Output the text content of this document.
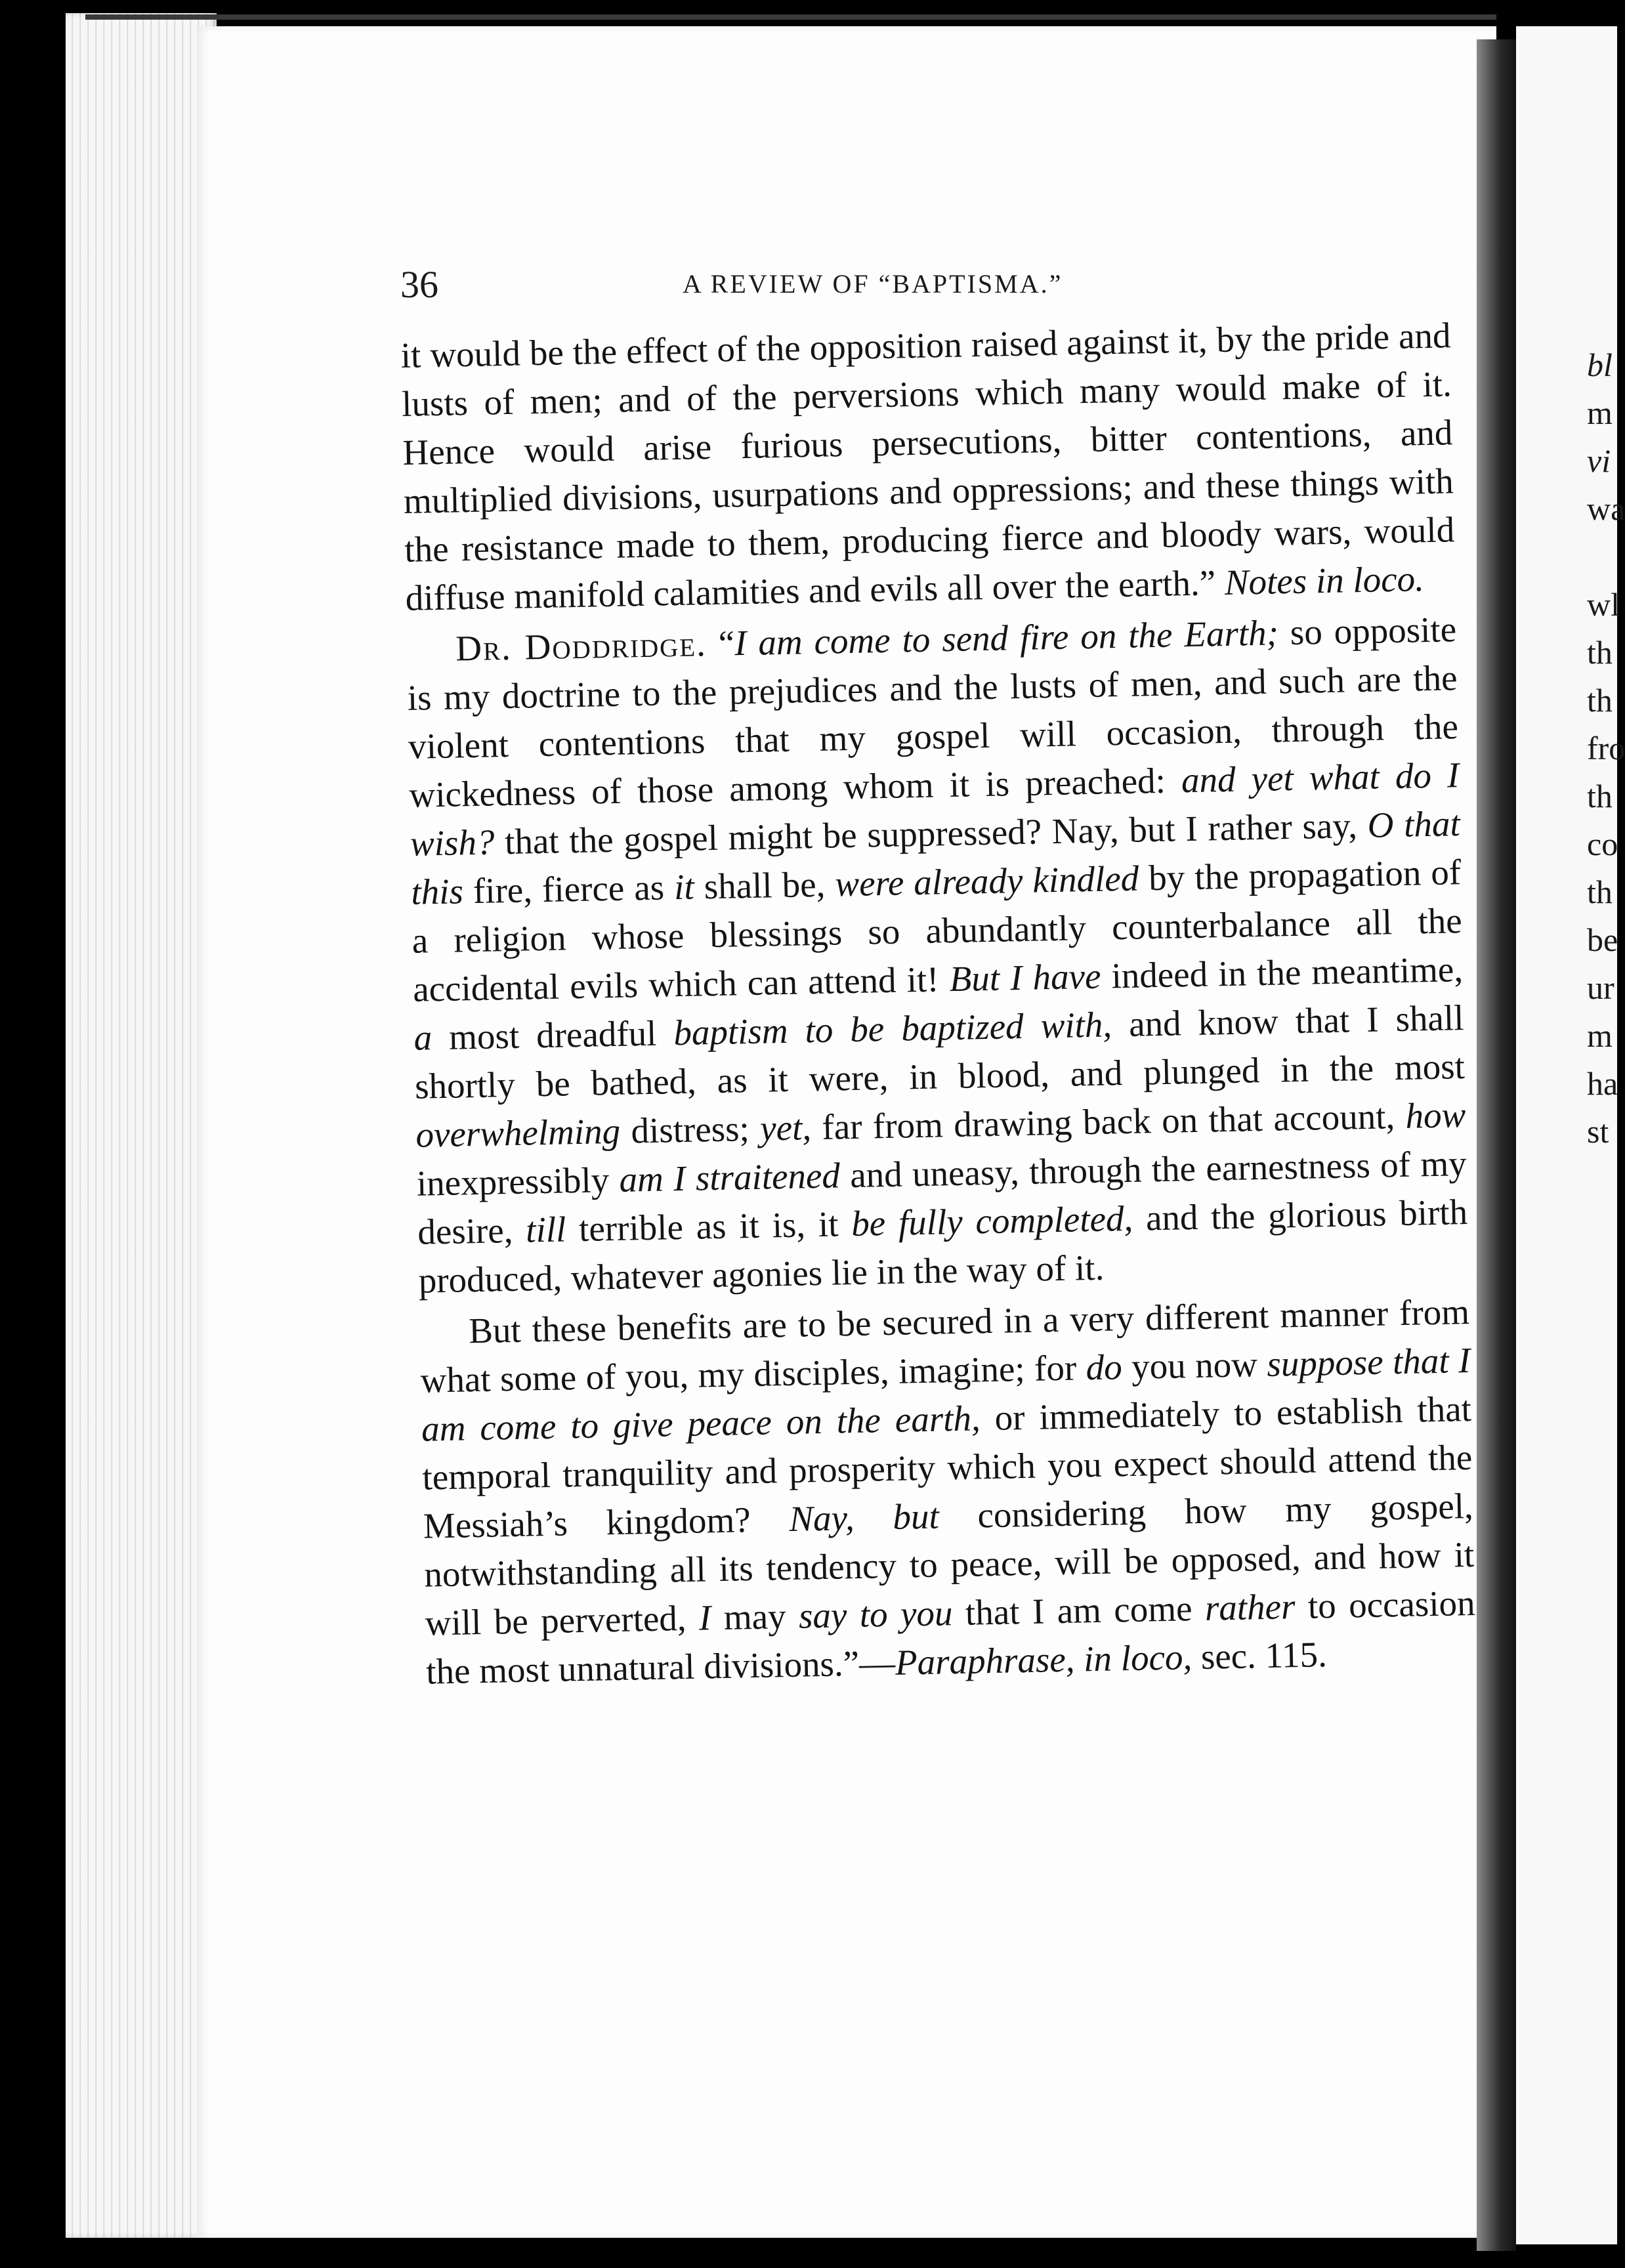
bl
m
vi
wa

wl
th
th
fro
th
co
th
be
ur
m
ha
st
36	A REVIEW OF “BAPTISMA.”

it would be the effect of the opposition raised against it, by the pride and lusts of men; and of the perversions which many would make of it. Hence would arise furious persecutions, bitter contentions, and multiplied divisions, usurpations and oppressions; and these things with the resistance made to them, producing fierce and bloody wars, would diffuse manifold calamities and evils all over the earth.” Notes in loco.

Dr. Doddridge. “I am come to send fire on the Earth; so opposite is my doctrine to the prejudices and the lusts of men, and such are the violent contentions that my gospel will occasion, through the wickedness of those among whom it is preached: and yet what do I wish? that the gospel might be suppressed? Nay, but I rather say, O that this fire, fierce as it shall be, were already kindled by the propagation of a religion whose blessings so abundantly counterbalance all the accidental evils which can attend it! But I have indeed in the meantime, a most dreadful baptism to be baptized with, and know that I shall shortly be bathed, as it were, in blood, and plunged in the most overwhelming distress; yet, far from drawing back on that account, how inexpressibly am I straitened and uneasy, through the earnestness of my desire, till terrible as it is, it be fully completed, and the glorious birth produced, whatever agonies lie in the way of it.

But these benefits are to be secured in a very different manner from what some of you, my disciples, imagine; for do you now suppose that I am come to give peace on the earth, or immediately to establish that temporal tranquility and prosperity which you expect should attend the Messiah’s kingdom? Nay, but considering how my gospel, notwithstanding all its tendency to peace, will be opposed, and how it will be perverted, I may say to you that I am come rather to occasion the most unnatural divisions.”—Paraphrase, in loco, sec. 115.
